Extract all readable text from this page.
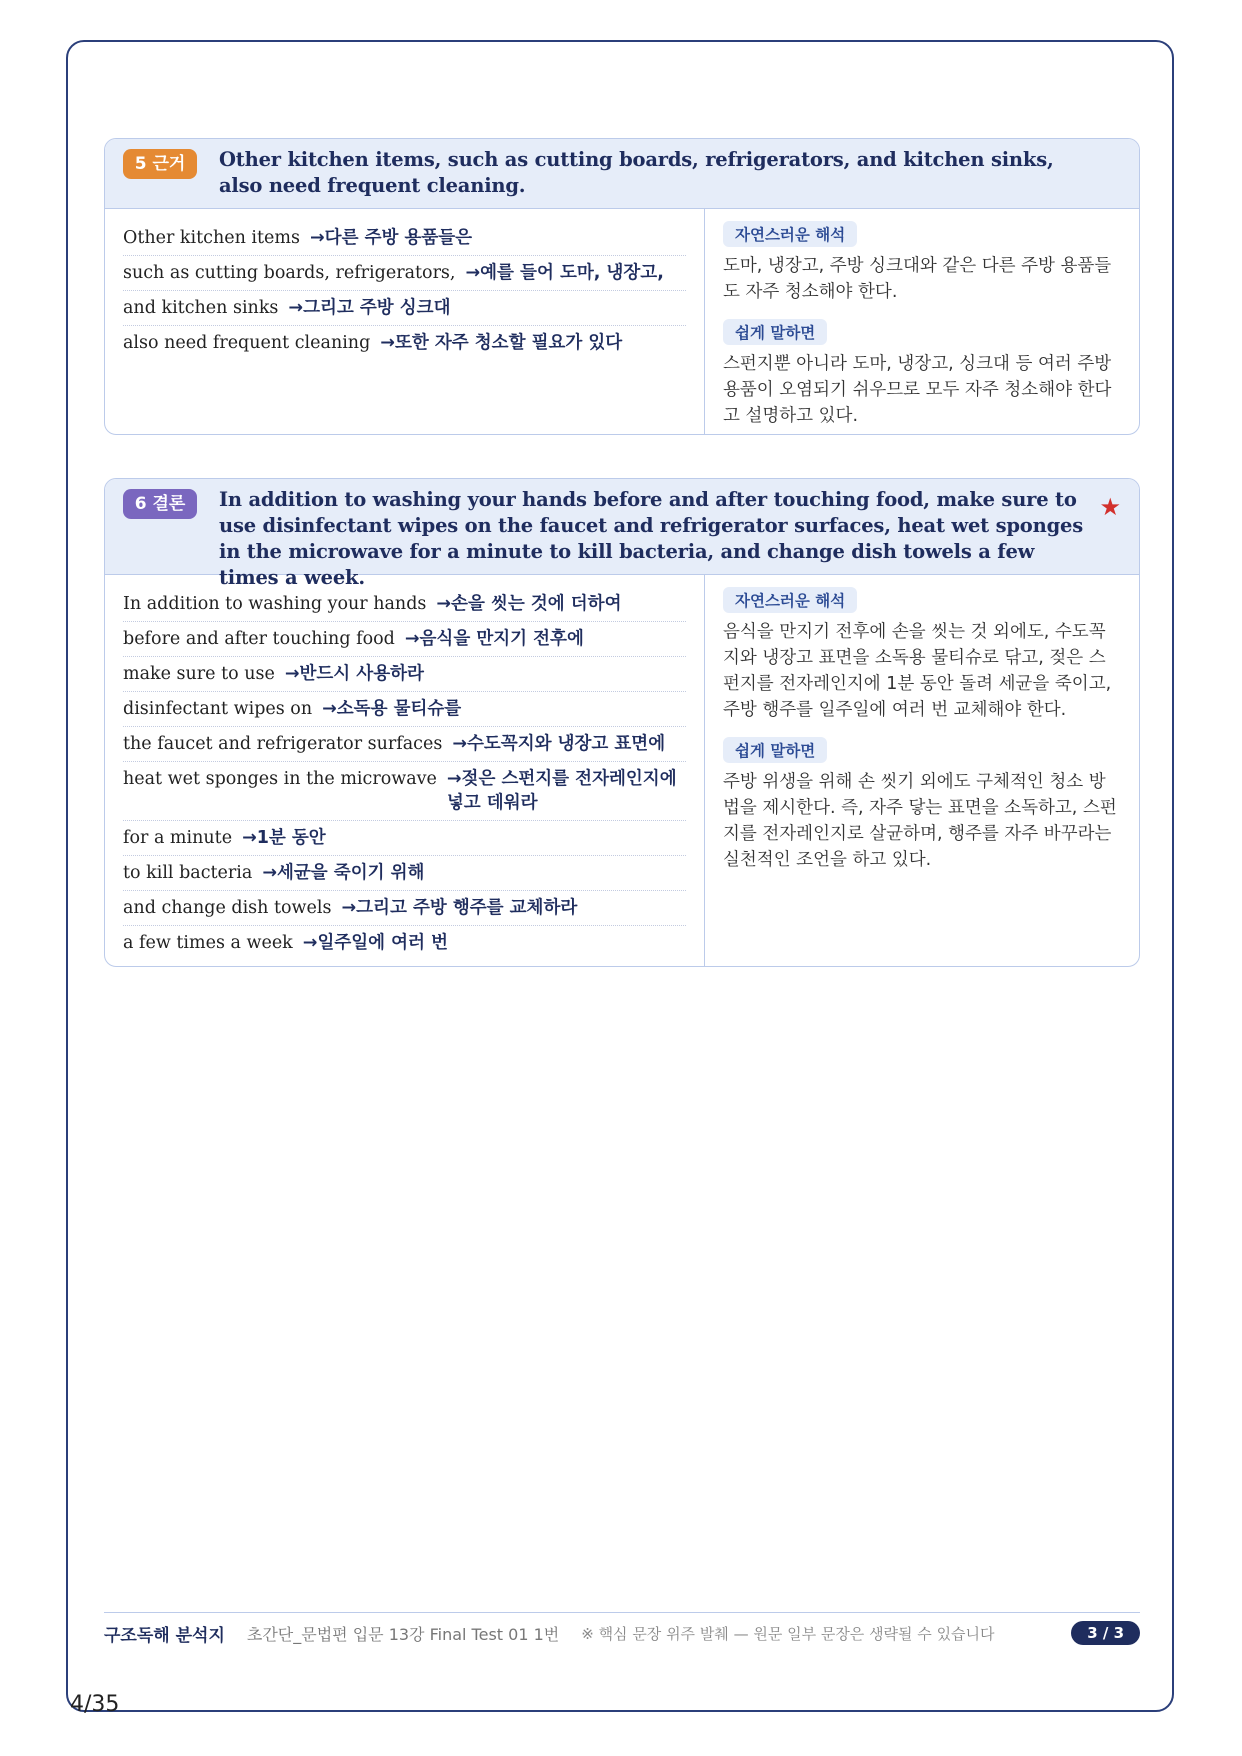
5 근거	Other kitchen items, such as cutting boards, refrigerators, and kitchen sinks, also need frequent cleaning.
Other kitchen items →다른 주방 용품들은
such as cutting boards, refrigerators, →예를 들어 도마, 냉장고,
and kitchen sinks →그리고 주방 싱크대
also need frequent cleaning →또한 자주 청소할 필요가 있다
자연스러운 해석
도마, 냉장고, 주방 싱크대와 같은 다른 주방 용품들도 자주 청소해야 한다.
쉽게 말하면
스펀지뿐 아니라 도마, 냉장고, 싱크대 등 여러 주방 용품이 오염되기 쉬우므로 모두 자주 청소해야 한다고 설명하고 있다.
6 결론	In addition to washing your hands before and after touching food, make sure to use disinfectant wipes on the faucet and refrigerator surfaces, heat wet sponges in the microwave for a minute to kill bacteria, and change dish towels a few times a week.
★
In addition to washing your hands →손을 씻는 것에 더하여
before and after touching food →음식을 만지기 전후에
make sure to use →반드시 사용하라
disinfectant wipes on →소독용 물티슈를
the faucet and refrigerator surfaces →수도꼭지와 냉장고 표면에
heat wet sponges in the microwave →젖은 스펀지를 전자레인지에 넣고 데워라
for a minute →1분 동안
to kill bacteria →세균을 죽이기 위해
and change dish towels →그리고 주방 행주를 교체하라
a few times a week →일주일에 여러 번
자연스러운 해석
음식을 만지기 전후에 손을 씻는 것 외에도, 수도꼭지와 냉장고 표면을 소독용 물티슈로 닦고, 젖은 스펀지를 전자레인지에 1분 동안 돌려 세균을 죽이고, 주방 행주를 일주일에 여러 번 교체해야 한다.
쉽게 말하면
주방 위생을 위해 손 씻기 외에도 구체적인 청소 방법을 제시한다. 즉, 자주 닿는 표면을 소독하고, 스펀지를 전자레인지로 살균하며, 행주를 자주 바꾸라는 실천적인 조언을 하고 있다.
구조독해 분석지 초간단_문법편 입문 13강 Final Test 01 1번 ※ 핵심 문장 위주 발췌 — 원문 일부 문장은 생략될 수 있습니다	3 / 3
4/35
